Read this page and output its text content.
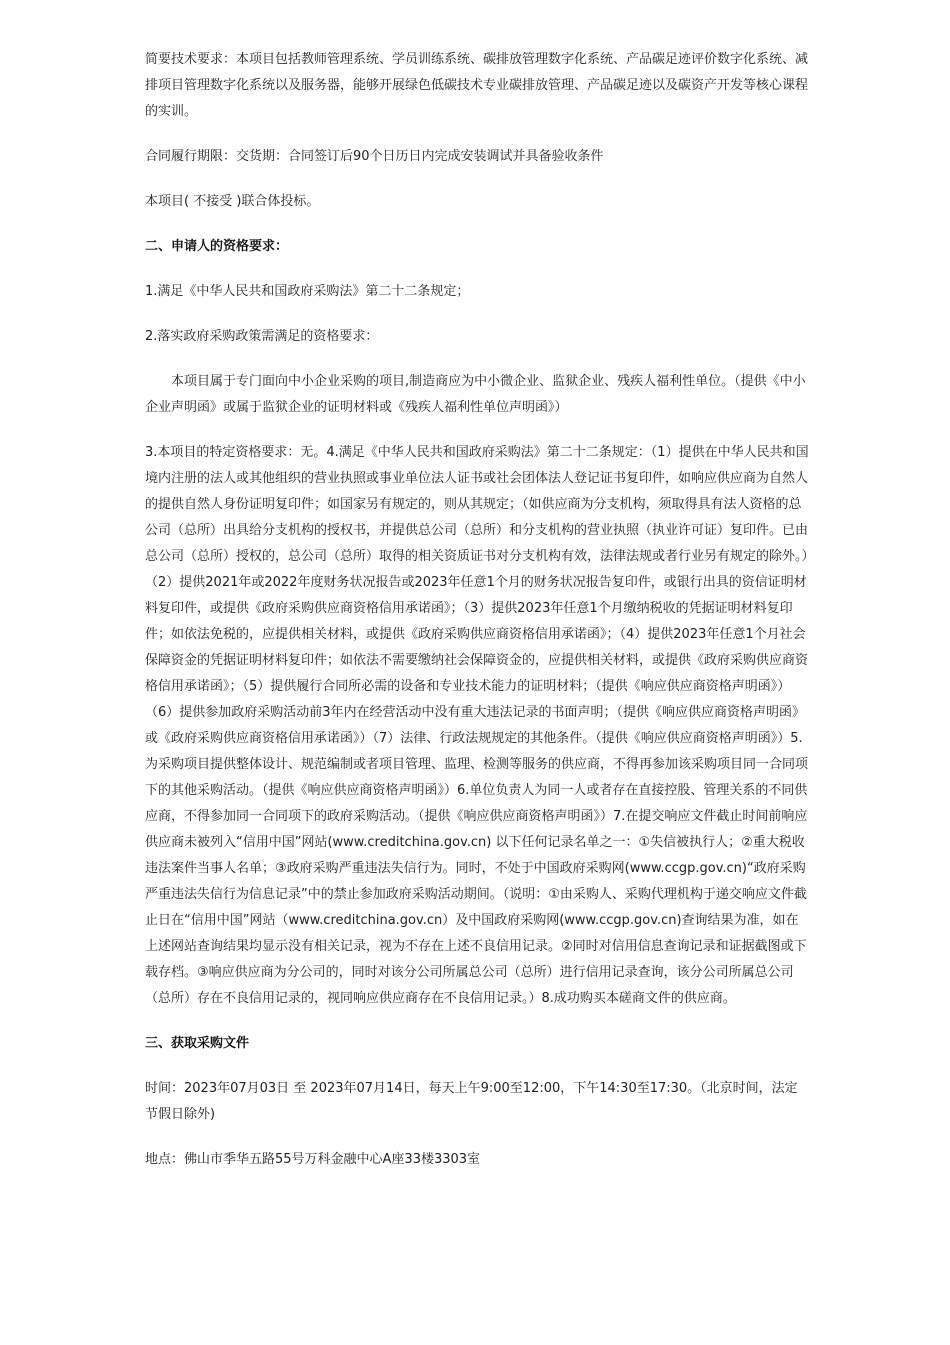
简要技术要求：本项目包括教师管理系统、学员训练系统、碳排放管理数字化系统、产品碳足迹评价数字化系统、减排项目管理数字化系统以及服务器，能够开展绿色低碳技术专业碳排放管理、产品碳足迹以及碳资产开发等核心课程的实训。

合同履行期限：交货期：合同签订后90个日历日内完成安装调试并具备验收条件

本项目( 不接受 )联合体投标。

二、申请人的资格要求：

1.满足《中华人民共和国政府采购法》第二十二条规定；

2.落实政府采购政策需满足的资格要求：

本项目属于专门面向中小企业采购的项目,制造商应为中小微企业、监狱企业、残疾人福利性单位。（提供《中小企业声明函》或属于监狱企业的证明材料或《残疾人福利性单位声明函》）

3.本项目的特定资格要求：无。4.满足《中华人民共和国政府采购法》第二十二条规定：（1）提供在中华人民共和国境内注册的法人或其他组织的营业执照或事业单位法人证书或社会团体法人登记证书复印件，如响应供应商为自然人的提供自然人身份证明复印件；如国家另有规定的，则从其规定；（如供应商为分支机构，须取得具有法人资格的总公司（总所）出具给分支机构的授权书，并提供总公司（总所）和分支机构的营业执照（执业许可证）复印件。已由总公司（总所）授权的，总公司（总所）取得的相关资质证书对分支机构有效，法律法规或者行业另有规定的除外。）（2）提供2021年或2022年度财务状况报告或2023年任意1个月的财务状况报告复印件，或银行出具的资信证明材料复印件，或提供《政府采购供应商资格信用承诺函》；（3）提供2023年任意1个月缴纳税收的凭据证明材料复印件；如依法免税的，应提供相关材料，或提供《政府采购供应商资格信用承诺函》；（4）提供2023年任意1个月社会保障资金的凭据证明材料复印件；如依法不需要缴纳社会保障资金的，应提供相关材料，或提供《政府采购供应商资格信用承诺函》；（5）提供履行合同所必需的设备和专业技术能力的证明材料；（提供《响应供应商资格声明函》）（6）提供参加政府采购活动前3年内在经营活动中没有重大违法记录的书面声明；（提供《响应供应商资格声明函》或《政府采购供应商资格信用承诺函》）（7）法律、行政法规规定的其他条件。（提供《响应供应商资格声明函》）5.为采购项目提供整体设计、规范编制或者项目管理、监理、检测等服务的供应商，不得再参加该采购项目同一合同项下的其他采购活动。（提供《响应供应商资格声明函》）6.单位负责人为同一人或者存在直接控股、管理关系的不同供应商，不得参加同一合同项下的政府采购活动。（提供《响应供应商资格声明函》）7.在提交响应文件截止时间前响应供应商未被列入“信用中国”网站(www.creditchina.gov.cn) 以下任何记录名单之一：①失信被执行人；②重大税收违法案件当事人名单；③政府采购严重违法失信行为。同时，不处于中国政府采购网(www.ccgp.gov.cn)“政府采购严重违法失信行为信息记录”中的禁止参加政府采购活动期间。（说明：①由采购人、采购代理机构于递交响应文件截止日在“信用中国”网站（www.creditchina.gov.cn）及中国政府采购网(www.ccgp.gov.cn)查询结果为准，如在上述网站查询结果均显示没有相关记录，视为不存在上述不良信用记录。②同时对信用信息查询记录和证据截图或下载存档。③响应供应商为分公司的，同时对该分公司所属总公司（总所）进行信用记录查询，该分公司所属总公司（总所）存在不良信用记录的，视同响应供应商存在不良信用记录。）8.成功购买本磋商文件的供应商。

三、获取采购文件

时间：2023年07月03日 至 2023年07月14日，每天上午9:00至12:00，下午14:30至17:30。（北京时间，法定节假日除外)

地点：佛山市季华五路55号万科金融中心A座33楼3303室
